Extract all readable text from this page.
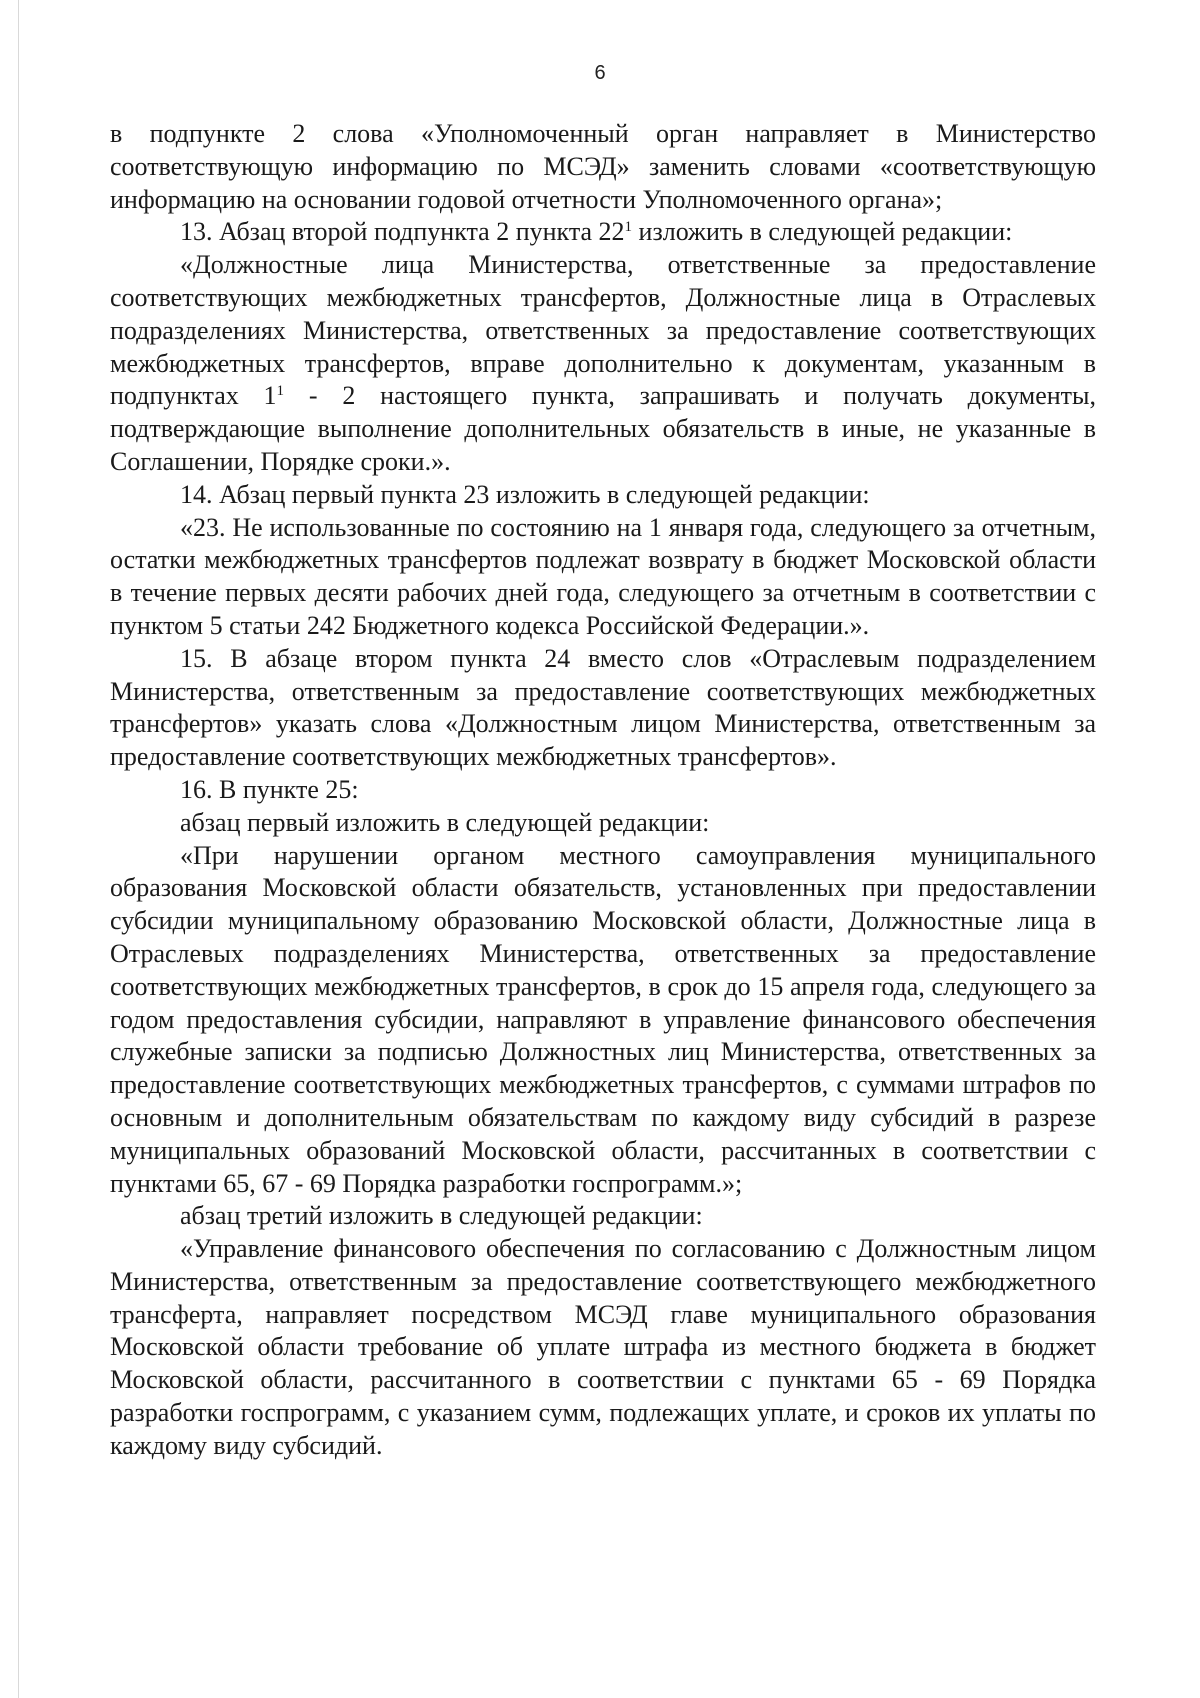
6

в подпункте 2 слова «Уполномоченный орган направляет в Министерство соответствующую информацию по МСЭД» заменить словами «соответствующую информацию на основании годовой отчетности Уполномоченного органа»;

13. Абзац второй подпункта 2 пункта $22^1$ изложить в следующей редакции:

«Должностные лица Министерства, ответственные за предоставление соответствующих межбюджетных трансфертов, Должностные лица в Отраслевых подразделениях Министерства, ответственных за предоставление соответствующих межбюджетных трансфертов, вправе дополнительно к документам, указанным в подпунктах $1^1 - 2$ настоящего пункта, запрашивать и получать документы, подтверждающие выполнение дополнительных обязательств в иные, не указанные в Соглашении, Порядке сроки.».

14. Абзац первый пункта 23 изложить в следующей редакции:

«23. Не использованные по состоянию на 1 января года, следующего за отчетным, остатки межбюджетных трансфертов подлежат возврату в бюджет Московской области в течение первых десяти рабочих дней года, следующего за отчетным в соответствии с пунктом 5 статьи 242 Бюджетного кодекса Российской Федерации.».

15. В абзаце втором пункта 24 вместо слов «Отраслевым подразделением Министерства, ответственным за предоставление соответствующих межбюджетных трансфертов» указать слова «Должностным лицом Министерства, ответственным за предоставление соответствующих межбюджетных трансфертов».

16. В пункте 25:

абзац первый изложить в следующей редакции:

«При нарушении органом местного самоуправления муниципального образования Московской области обязательств, установленных при предоставлении субсидии муниципальному образованию Московской области, Должностные лица в Отраслевых подразделениях Министерства, ответственных за предоставление соответствующих межбюджетных трансфертов, в срок до 15 апреля года, следующего за годом предоставления субсидии, направляют в управление финансового обеспечения служебные записки за подписью Должностных лиц Министерства, ответственных за предоставление соответствующих межбюджетных трансфертов, с суммами штрафов по основным и дополнительным обязательствам по каждому виду субсидий в разрезе муниципальных образований Московской области, рассчитанных в соответствии с пунктами 65, 67 - 69 Порядка разработки госпрограмм.»;

абзац третий изложить в следующей редакции:

«Управление финансового обеспечения по согласованию с Должностным лицом Министерства, ответственным за предоставление соответствующего межбюджетного трансферта, направляет посредством МСЭД главе муниципального образования Московской области требование об уплате штрафа из местного бюджета в бюджет Московской области, рассчитанного в соответствии с пунктами 65 - 69 Порядка разработки госпрограмм, с указанием сумм, подлежащих уплате, и сроков их уплаты по каждому виду субсидий.
